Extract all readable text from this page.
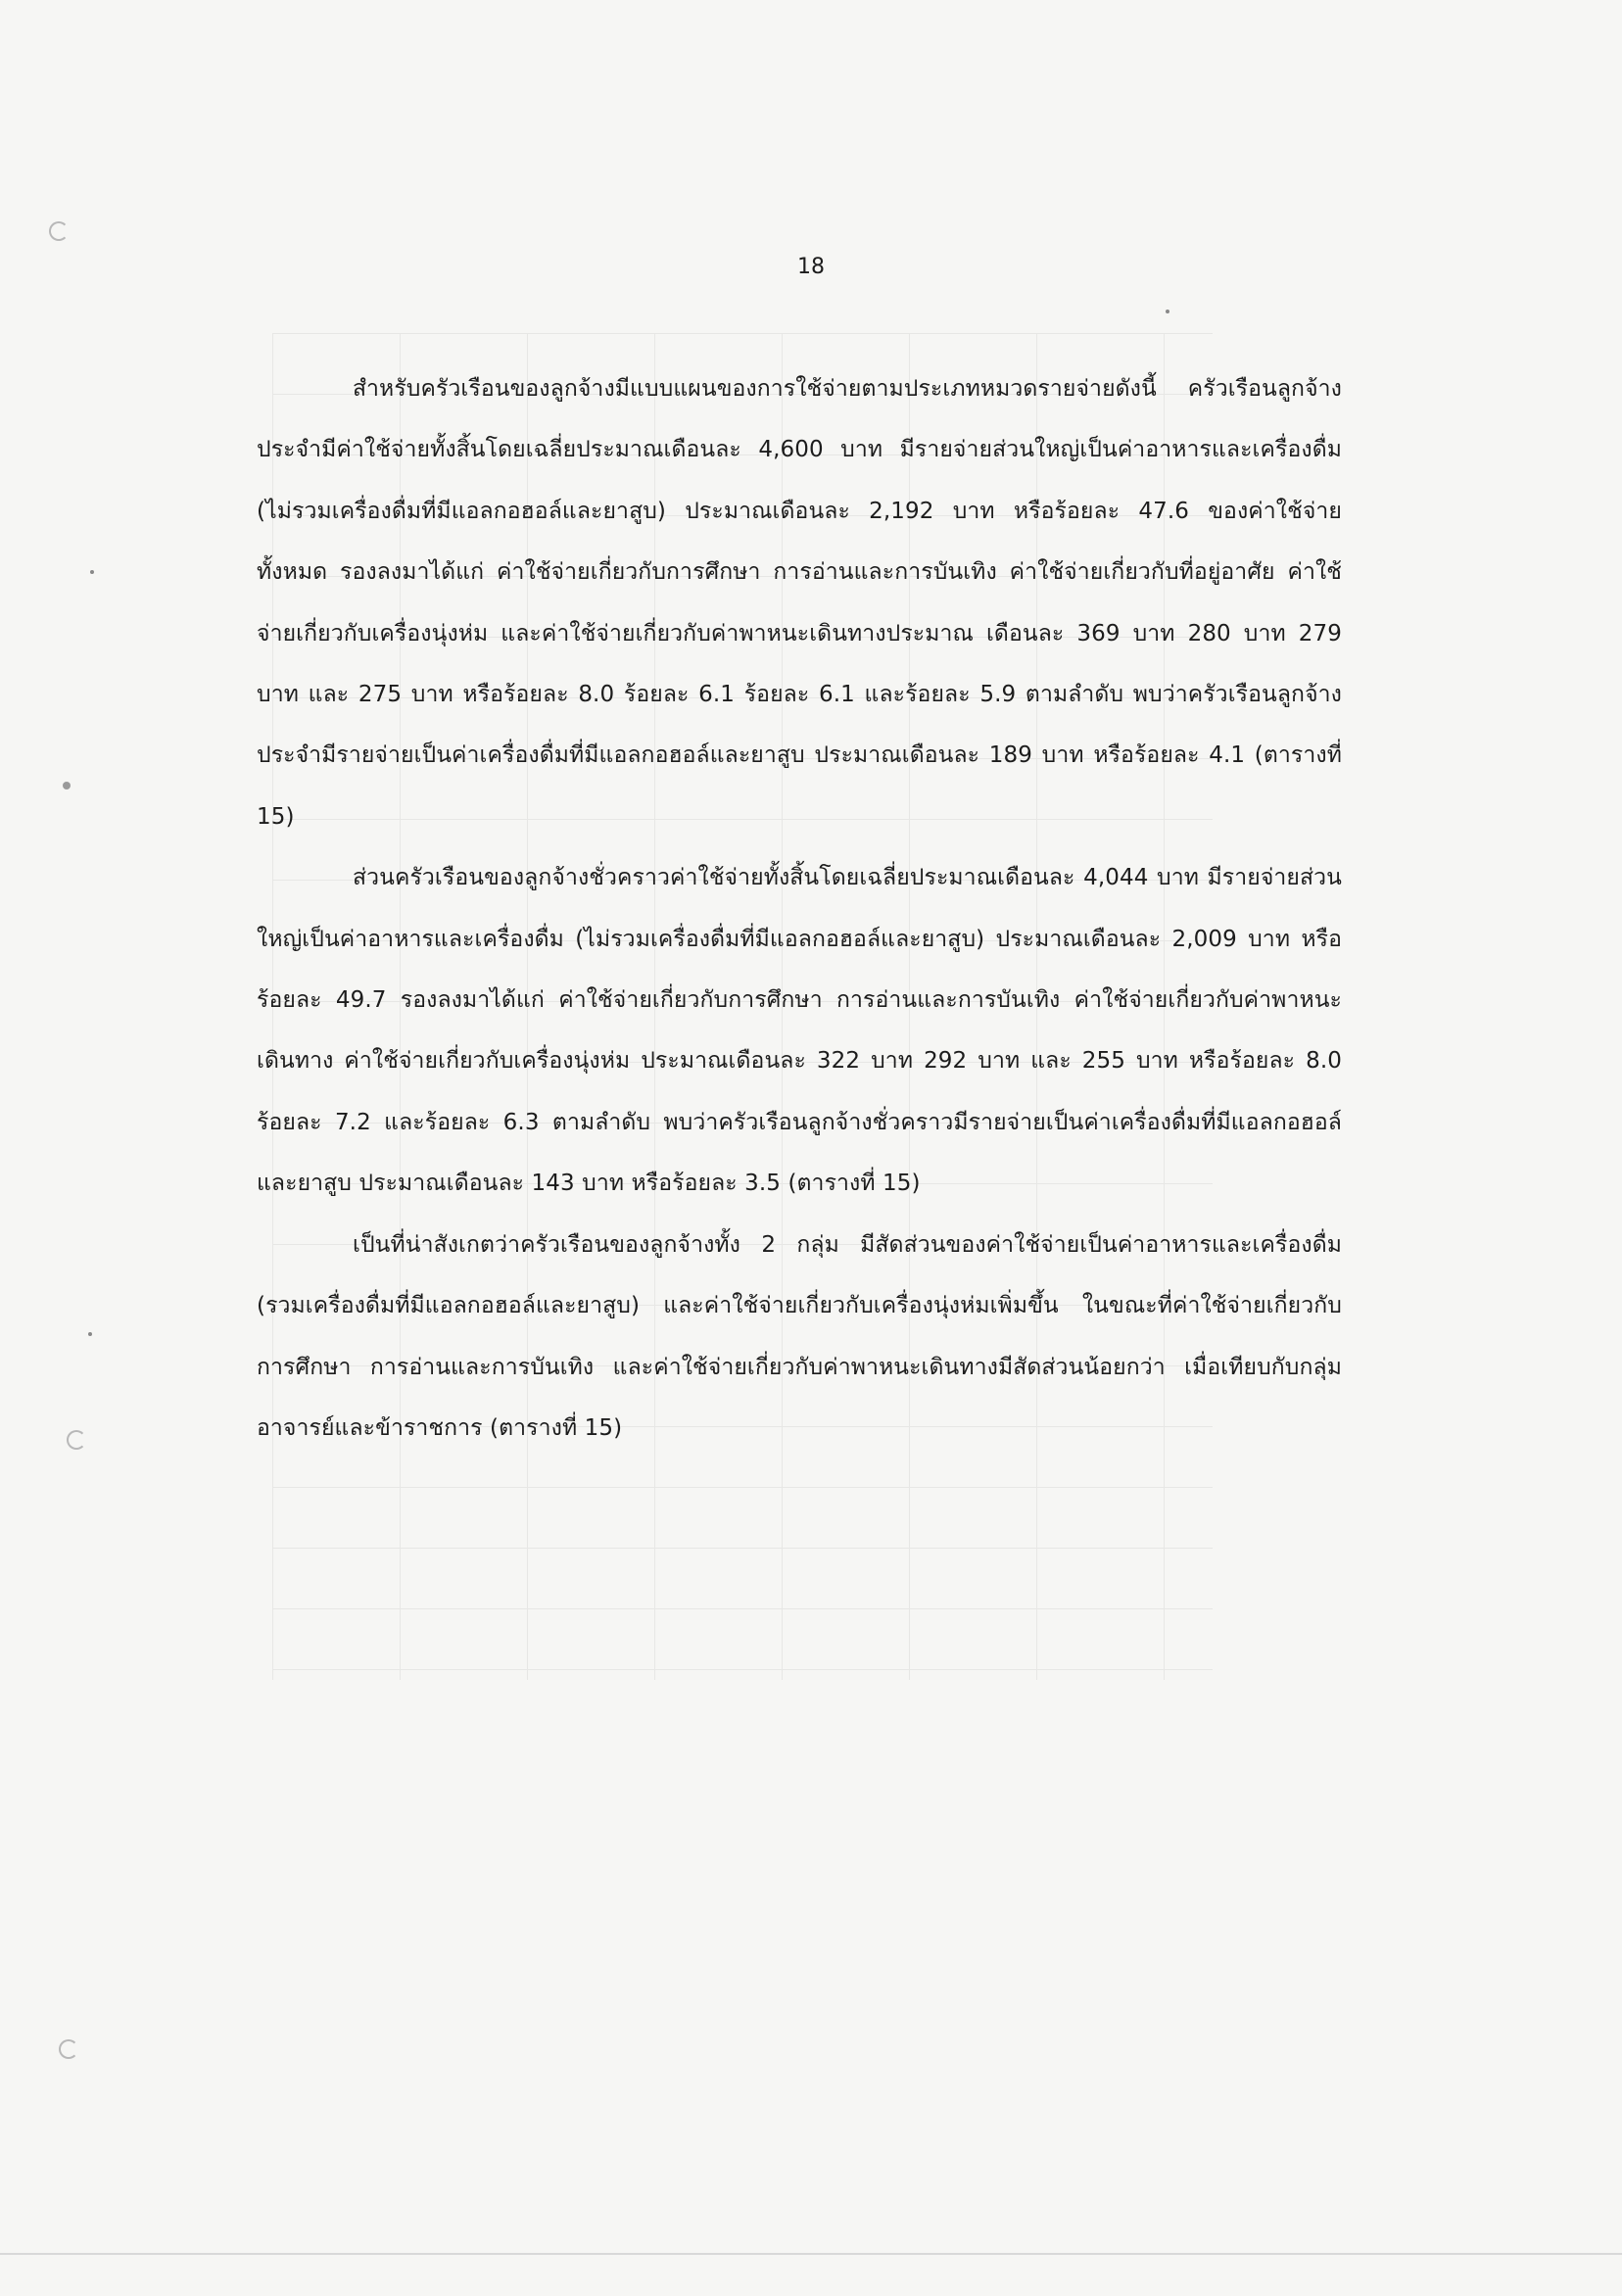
18

สำหรับครัวเรือนของลูกจ้างมีแบบแผนของการใช้จ่ายตามประเภทหมวดรายจ่ายดังนี้ ครัวเรือนลูกจ้างประจำมีค่าใช้จ่ายทั้งสิ้นโดยเฉลี่ยประมาณเดือนละ 4,600 บาท มีรายจ่ายส่วนใหญ่เป็นค่าอาหารและเครื่องดื่ม (ไม่รวมเครื่องดื่มที่มีแอลกอฮอล์และยาสูบ) ประมาณเดือนละ 2,192 บาท หรือร้อยละ 47.6 ของค่าใช้จ่ายทั้งหมด รองลงมาได้แก่ ค่าใช้จ่ายเกี่ยวกับการศึกษา การอ่านและการบันเทิง ค่าใช้จ่ายเกี่ยวกับที่อยู่อาศัย ค่าใช้จ่ายเกี่ยวกับเครื่องนุ่งห่ม และค่าใช้จ่ายเกี่ยวกับค่าพาหนะเดินทางประมาณ เดือนละ 369 บาท 280 บาท 279 บาท และ 275 บาท หรือร้อยละ 8.0 ร้อยละ 6.1 ร้อยละ 6.1 และร้อยละ 5.9 ตามลำดับ พบว่าครัวเรือนลูกจ้างประจำมีรายจ่ายเป็นค่าเครื่องดื่มที่มีแอลกอฮอล์และยาสูบ ประมาณเดือนละ 189 บาท หรือร้อยละ 4.1 (ตารางที่ 15)

ส่วนครัวเรือนของลูกจ้างชั่วคราวค่าใช้จ่ายทั้งสิ้นโดยเฉลี่ยประมาณเดือนละ 4,044 บาท มีรายจ่ายส่วนใหญ่เป็นค่าอาหารและเครื่องดื่ม (ไม่รวมเครื่องดื่มที่มีแอลกอฮอล์และยาสูบ) ประมาณเดือนละ 2,009 บาท หรือร้อยละ 49.7 รองลงมาได้แก่ ค่าใช้จ่ายเกี่ยวกับการศึกษา การอ่านและการบันเทิง ค่าใช้จ่ายเกี่ยวกับค่าพาหนะเดินทาง ค่าใช้จ่ายเกี่ยวกับเครื่องนุ่งห่ม ประมาณเดือนละ 322 บาท 292 บาท และ 255 บาท หรือร้อยละ 8.0 ร้อยละ 7.2 และร้อยละ 6.3 ตามลำดับ พบว่าครัวเรือนลูกจ้างชั่วคราวมีรายจ่ายเป็นค่าเครื่องดื่มที่มีแอลกอฮอล์และยาสูบ ประมาณเดือนละ 143 บาท หรือร้อยละ 3.5 (ตารางที่ 15)

เป็นที่น่าสังเกตว่าครัวเรือนของลูกจ้างทั้ง 2 กลุ่ม มีสัดส่วนของค่าใช้จ่ายเป็นค่าอาหารและเครื่องดื่ม (รวมเครื่องดื่มที่มีแอลกอฮอล์และยาสูบ) และค่าใช้จ่ายเกี่ยวกับเครื่องนุ่งห่มเพิ่มขึ้น ในขณะที่ค่าใช้จ่ายเกี่ยวกับการศึกษา การอ่านและการบันเทิง และค่าใช้จ่ายเกี่ยวกับค่าพาหนะเดินทางมีสัดส่วนน้อยกว่า เมื่อเทียบกับกลุ่มอาจารย์และข้าราชการ (ตารางที่ 15)
